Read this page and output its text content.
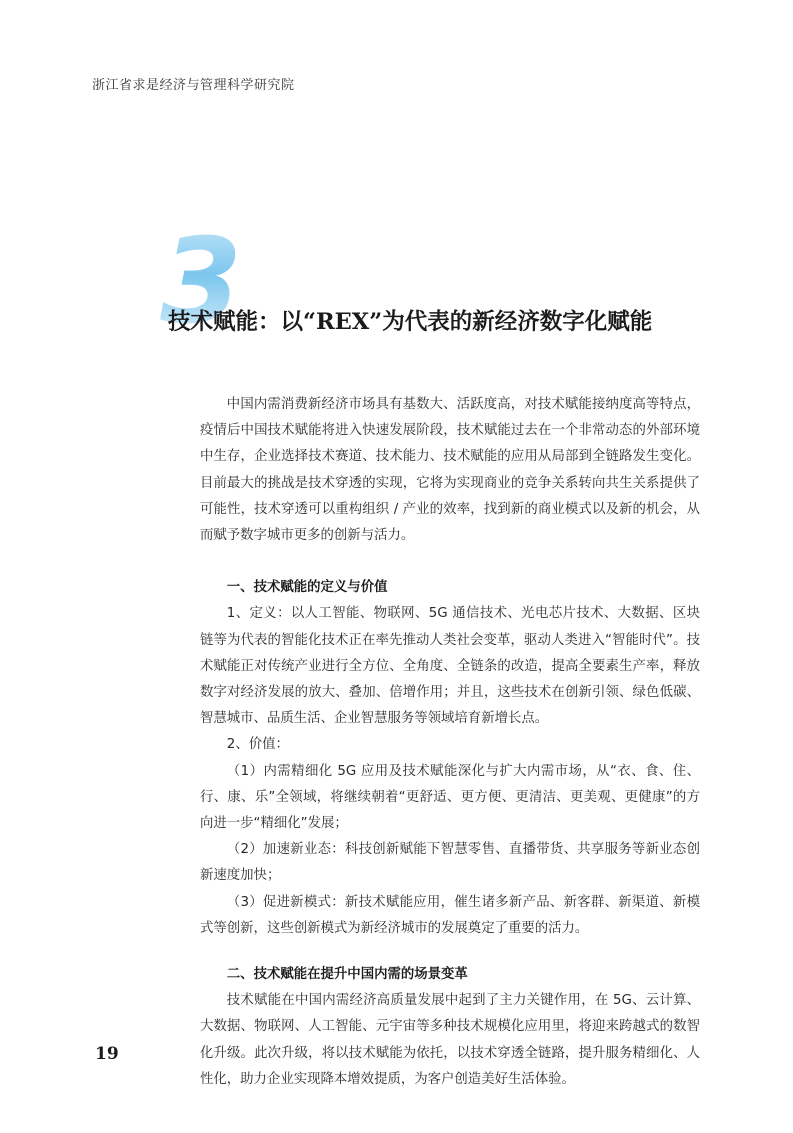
浙江省求是经济与管理科学研究院
3
技术赋能：以“REX”为代表的新经济数字化赋能

中国内需消费新经济市场具有基数大、活跃度高，对技术赋能接纳度高等特点，疫情后中国技术赋能将进入快速发展阶段，技术赋能过去在一个非常动态的外部环境中生存，企业选择技术赛道、技术能力、技术赋能的应用从局部到全链路发生变化。目前最大的挑战是技术穿透的实现，它将为实现商业的竞争关系转向共生关系提供了可能性，技术穿透可以重构组织 / 产业的效率，找到新的商业模式以及新的机会，从而赋予数字城市更多的创新与活力。

一、技术赋能的定义与价值

1、定义：以人工智能、物联网、5G 通信技术、光电芯片技术、大数据、区块链等为代表的智能化技术正在率先推动人类社会变革，驱动人类进入“智能时代”。技术赋能正对传统产业进行全方位、全角度、全链条的改造，提高全要素生产率，释放数字对经济发展的放大、叠加、倍增作用；并且，这些技术在创新引领、绿色低碳、智慧城市、品质生活、企业智慧服务等领域培育新增长点。

2、价值：

（1）内需精细化 5G 应用及技术赋能深化与扩大内需市场，从“衣、食、住、行、康、乐”全领域，将继续朝着“更舒适、更方便、更清洁、更美观、更健康”的方向进一步“精细化”发展；

（2）加速新业态：科技创新赋能下智慧零售、直播带货、共享服务等新业态创新速度加快；

（3）促进新模式：新技术赋能应用，催生诸多新产品、新客群、新渠道、新模式等创新，这些创新模式为新经济城市的发展奠定了重要的活力。

二、技术赋能在提升中国内需的场景变革

技术赋能在中国内需经济高质量发展中起到了主力关键作用，在 5G、云计算、大数据、物联网、人工智能、元宇宙等多种技术规模化应用里，将迎来跨越式的数智化升级。此次升级，将以技术赋能为依托，以技术穿透全链路，提升服务精细化、人性化，助力企业实现降本增效提质，为客户创造美好生活体验。

19
